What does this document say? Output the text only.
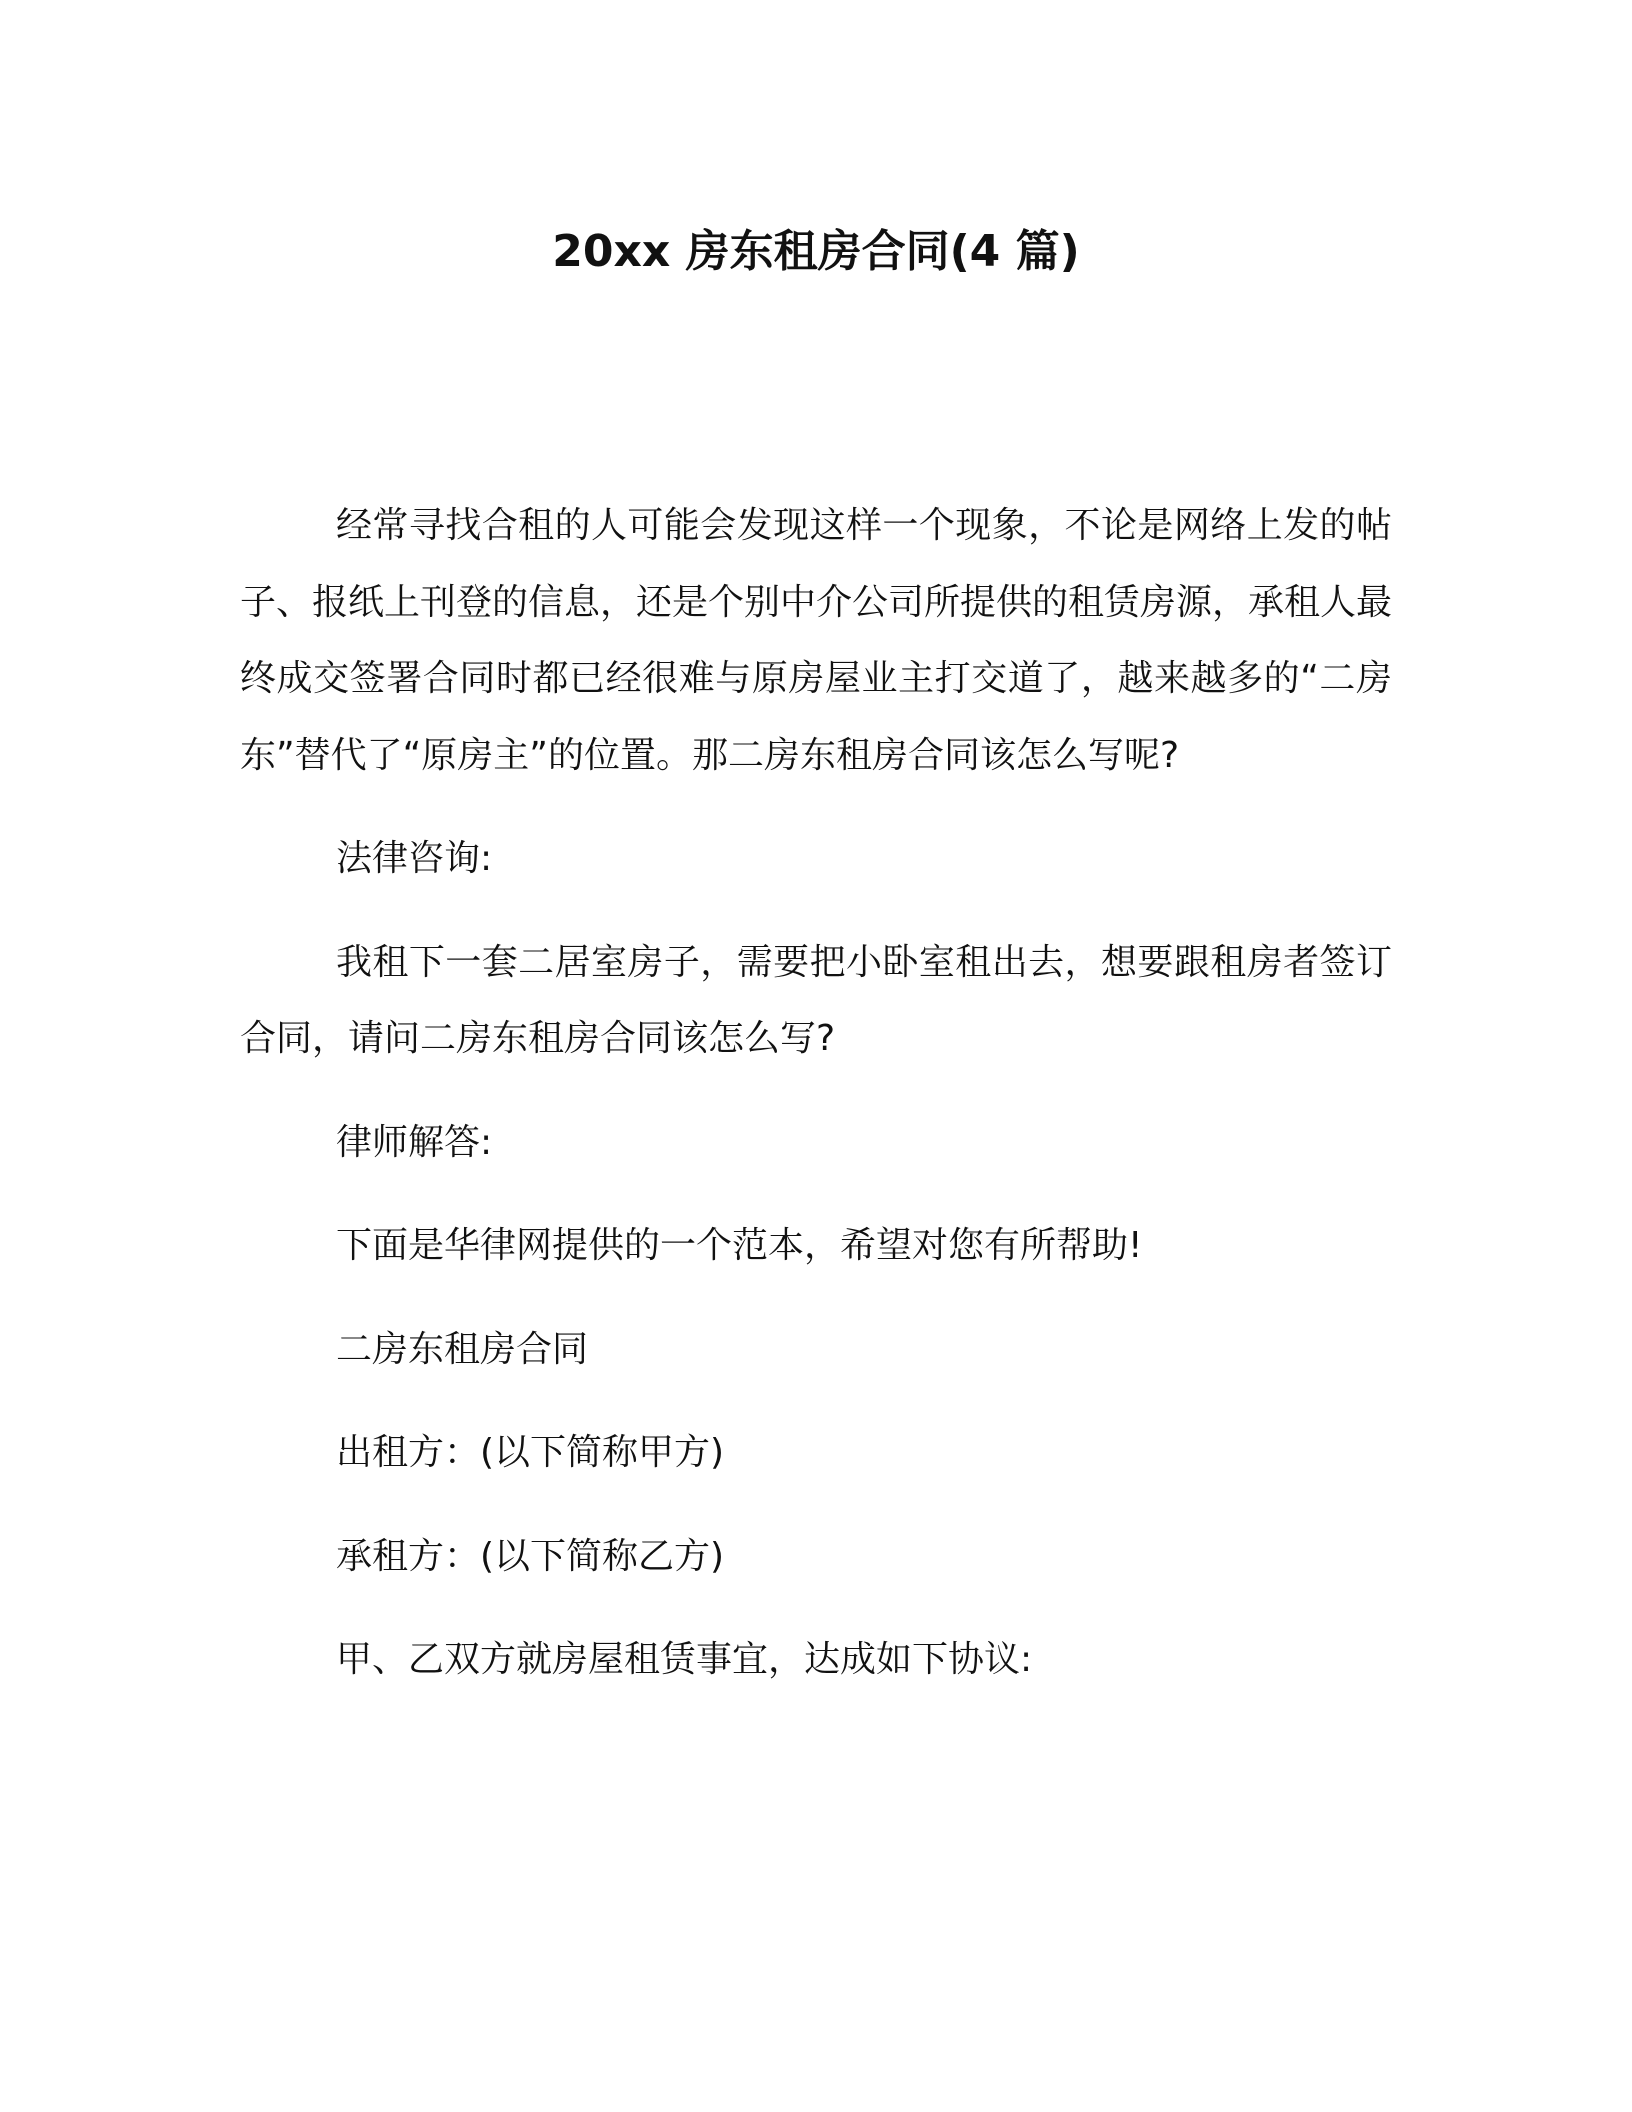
20xx 房东租房合同(4 篇)

经常寻找合租的人可能会发现这样一个现象，不论是网络上发的帖子、报纸上刊登的信息，还是个别中介公司所提供的租赁房源，承租人最终成交签署合同时都已经很难与原房屋业主打交道了，越来越多的“二房东”替代了“原房主”的位置。那二房东租房合同该怎么写呢?

法律咨询:

我租下一套二居室房子，需要把小卧室租出去，想要跟租房者签订合同，请问二房东租房合同该怎么写?

律师解答:

下面是华律网提供的一个范本，希望对您有所帮助!

二房东租房合同

出租方：(以下简称甲方)

承租方：(以下简称乙方)

甲、乙双方就房屋租赁事宜，达成如下协议:
